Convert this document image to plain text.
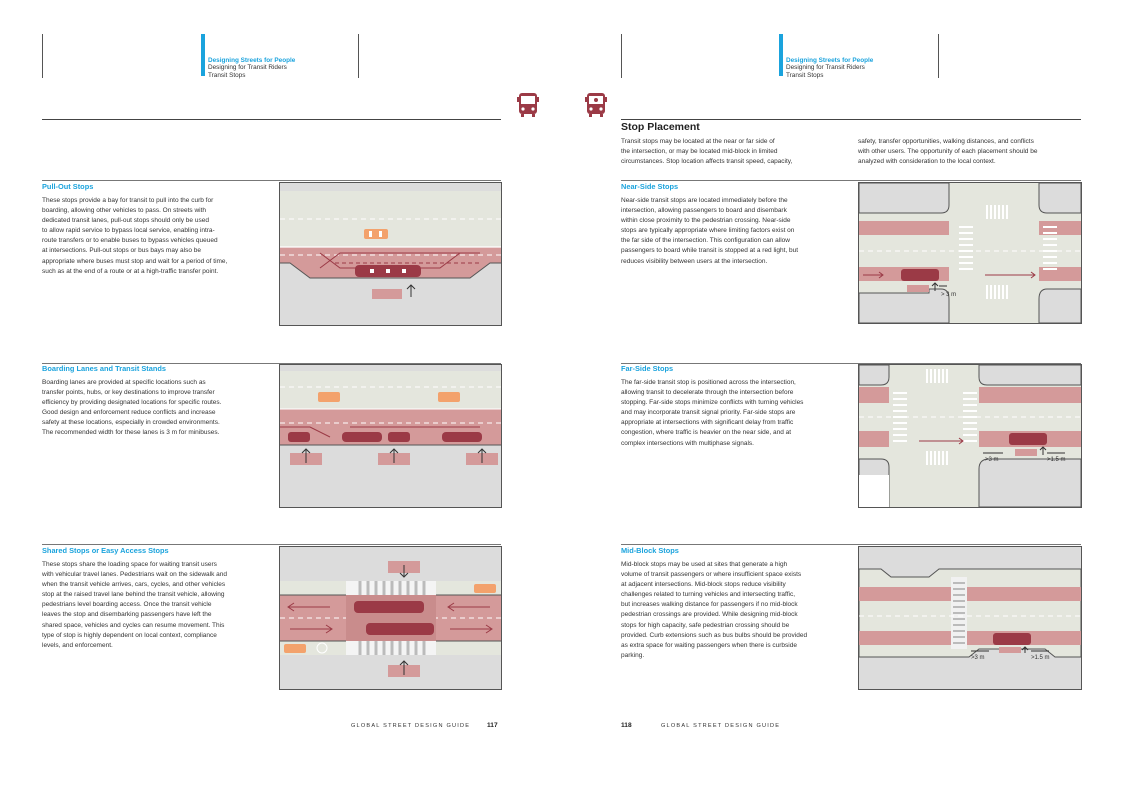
Designing Streets for People
Designing for Transit Riders
Transit Stops
Designing Streets for People
Designing for Transit Riders
Transit Stops
Pull-Out Stops
These stops provide a bay for transit to pull into the curb for
boarding, allowing other vehicles to pass. On streets with
dedicated transit lanes, pull-out stops should only be used
to allow rapid service to bypass local service, enabling intra-
route transfers or to enable buses to bypass vehicles queued
at intersections. Pull-out stops or bus bays may also be
appropriate where buses must stop and wait for a period of time,
such as at the end of a route or at a high-traffic transfer point.
Boarding Lanes and Transit Stands
Boarding lanes are provided at specific locations such as
transfer points, hubs, or key destinations to improve transfer
efficiency by providing designated locations for specific routes.
Good design and enforcement reduce conflicts and increase
safety at these locations, especially in crowded environments.
The recommended width for these lanes is 3 m for minibuses.
Shared Stops or Easy Access Stops
These stops share the loading space for waiting transit users
with vehicular travel lanes. Pedestrians wait on the sidewalk and
when the transit vehicle arrives, cars, cycles, and other vehicles
stop at the raised travel lane behind the transit vehicle, allowing
pedestrians level boarding access. Once the transit vehicle
leaves the stop and disembarking passengers have left the
shared space, vehicles and cycles can resume movement. This
type of stop is highly dependent on local context, compliance
levels, and enforcement.
GLOBAL STREET DESIGN GUIDE	117
Stop Placement
Transit stops may be located at the near or far side of
the intersection, or may be located mid-block in limited
circumstances. Stop location affects transit speed, capacity,
safety, transfer opportunities, walking distances, and conflicts
with other users. The opportunity of each placement should be
analyzed with consideration to the local context.
Near-Side Stops
Near-side transit stops are located immediately before the
intersection, allowing passengers to board and disembark
within close proximity to the pedestrian crossing. Near-side
stops are typically appropriate where limiting factors exist on
the far side of the intersection. This configuration can allow
passengers to board while transit is stopped at a red light, but
reduces visibility between users at the intersection.
> 3 m
Far-Side Stops
The far-side transit stop is positioned across the intersection,
allowing transit to decelerate through the intersection before
stopping. Far-side stops minimize conflicts with turning vehicles
and may incorporate transit signal priority. Far-side stops are
appropriate at intersections with significant delay from traffic
congestion, where traffic is heavier on the near side, and at
complex intersections with multiphase signals.
>3 m	>1.5 m
Mid-Block Stops
Mid-block stops may be used at sites that generate a high
volume of transit passengers or where insufficient space exists
at adjacent intersections. Mid-block stops reduce visibility
challenges related to turning vehicles and intersecting traffic,
but increases walking distance for passengers if no mid-block
pedestrian crossings are provided. While designing mid-block
stops for high capacity, safe pedestrian crossing should be
provided. Curb extensions such as bus bulbs should be provided
as extra space for waiting passengers when there is curbside
parking.	>3 m	>1.5 m
118	GLOBAL STREET DESIGN GUIDE
